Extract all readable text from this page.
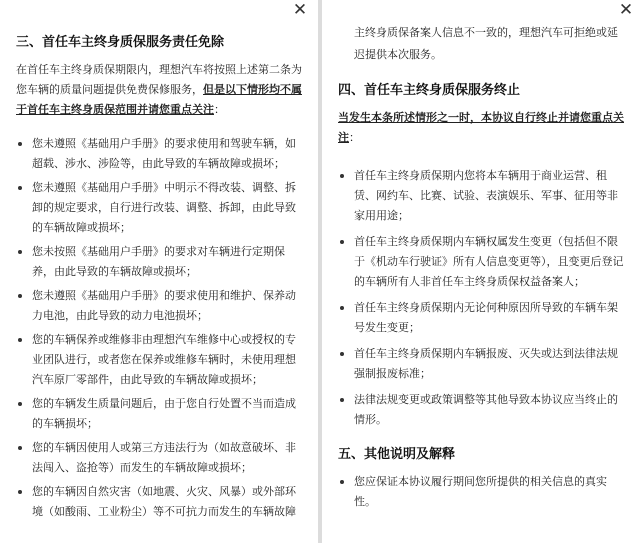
✕
三、首任车主终身质保服务责任免除

在首任车主终身质保期限内，理想汽车将按照上述第二条为您车辆的质量问题提供免费保修服务，但是以下情形均不属于首任车主终身质保范围并请您重点关注：

您未遵照《基础用户手册》的要求使用和驾驶车辆，如超载、涉水、涉险等，由此导致的车辆故障或损坏；
您未遵照《基础用户手册》中明示不得改装、调整、拆卸的规定要求，自行进行改装、调整、拆卸，由此导致的车辆故障或损坏；
您未按照《基础用户手册》的要求对车辆进行定期保养，由此导致的车辆故障或损坏；
您未遵照《基础用户手册》的要求使用和维护、保养动力电池，由此导致的动力电池损坏；
您的车辆保养或维修非由理想汽车维修中心或授权的专业团队进行，或者您在保养或维修车辆时，未使用理想汽车原厂零部件，由此导致的车辆故障或损坏；
您的车辆发生质量问题后，由于您自行处置不当而造成的车辆损坏；
您的车辆因使用人或第三方违法行为（如故意破坏、非法闯入、盗抢等）而发生的车辆故障或损坏；
您的车辆因自然灾害（如地震、火灾、风暴）或外部环境（如酸雨、工业粉尘）等不可抗力而发生的车辆故障
✕
主终身质保备案人信息不一致的，理想汽车可拒绝或延迟提供本次服务。
四、首任车主终身质保服务终止

当发生本条所述情形之一时，本协议自行终止并请您重点关注：

首任车主终身质保期内您将本车辆用于商业运营、租赁、网约车、比赛、试验、表演娱乐、军事、征用等非家用用途；
首任车主终身质保期内车辆权属发生变更（包括但不限于《机动车行驶证》所有人信息变更等），且变更后登记的车辆所有人非首任车主终身质保权益备案人；
首任车主终身质保期内无论何种原因所导致的车辆车架号发生变更；
首任车主终身质保期内车辆报废、灭失或达到法律法规强制报废标准；
法律法规变更或政策调整等其他导致本协议应当终止的情形。
五、其他说明及解释
您应保证本协议履行期间您所提供的相关信息的真实性。
